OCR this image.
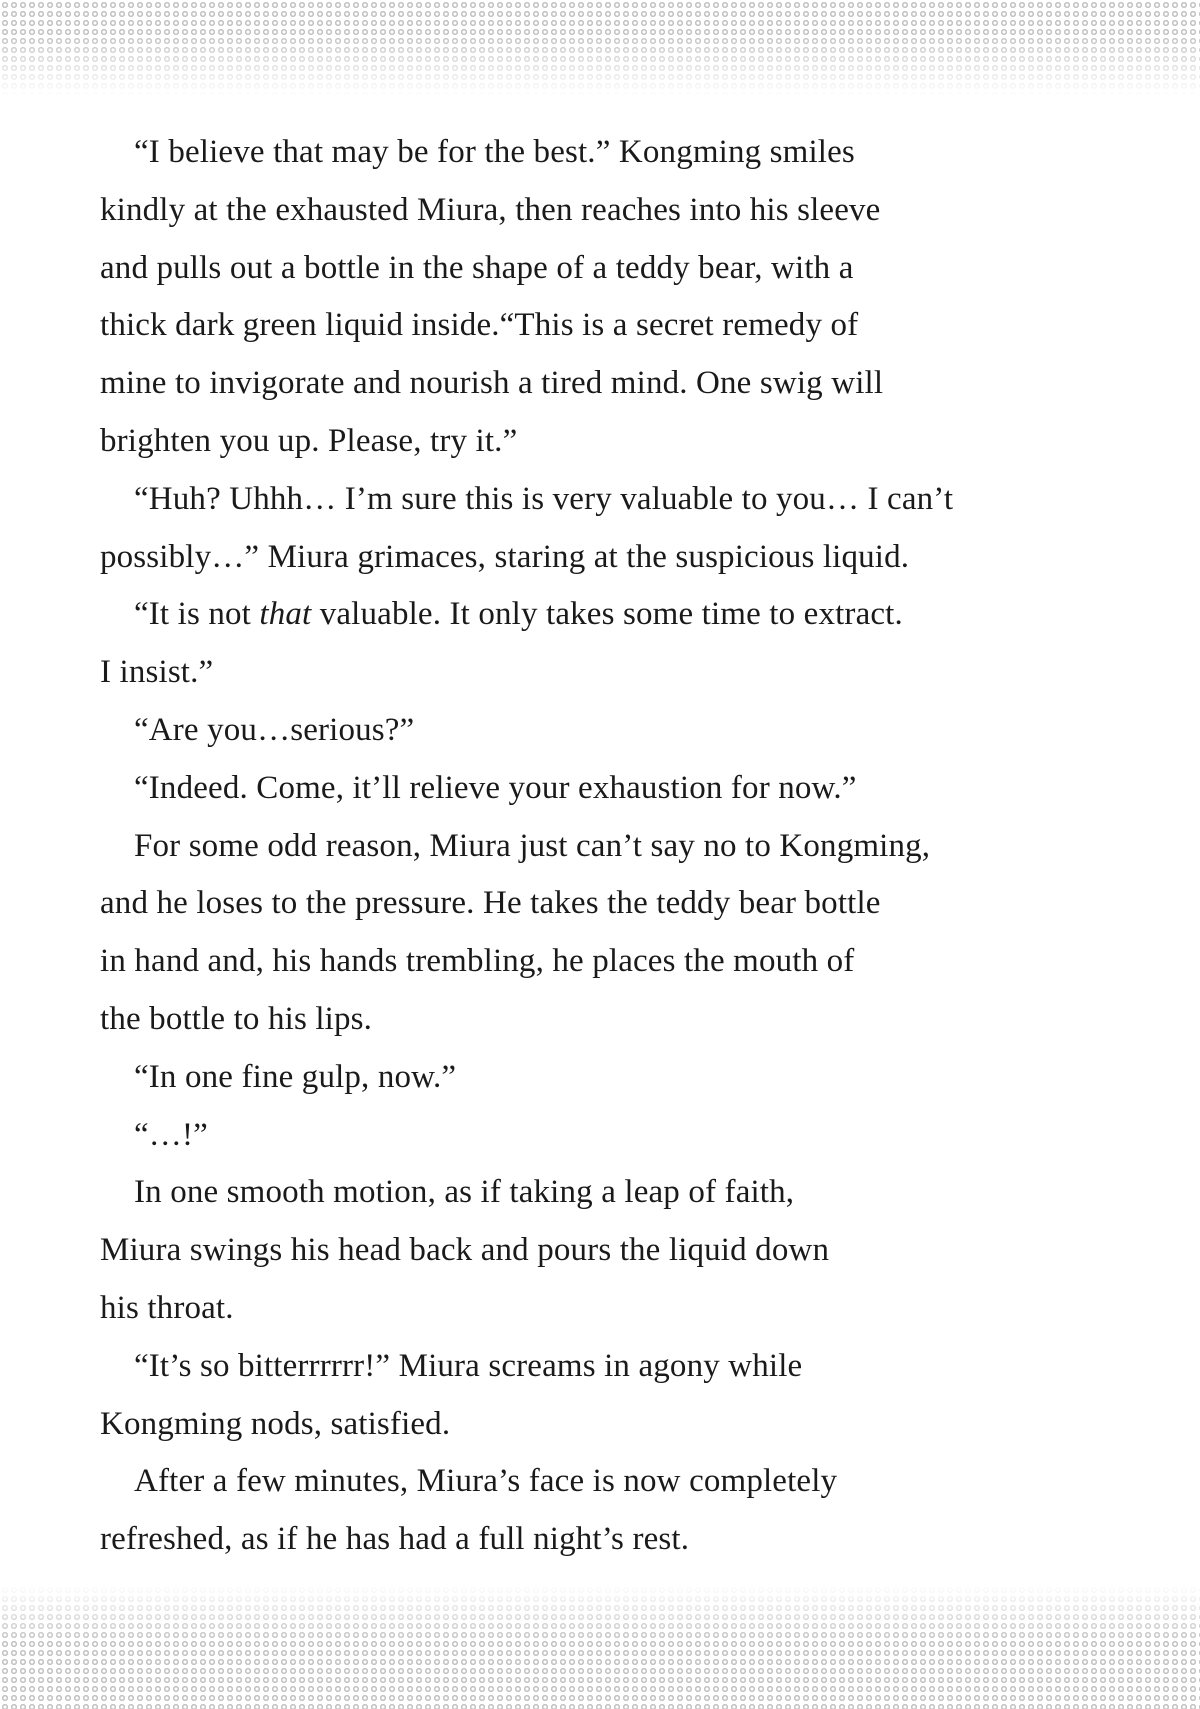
“I believe that may be for the best.” Kongming smiles
kindly at the exhausted Miura, then reaches into his sleeve
and pulls out a bottle in the shape of a teddy bear, with a
thick dark green liquid inside.“This is a secret remedy of
mine to invigorate and nourish a tired mind. One swig will
brighten you up. Please, try it.”

“Huh? Uhhh… I’m sure this is very valuable to you… I can’t
possibly…” Miura grimaces, staring at the suspicious liquid.

“It is not that valuable. It only takes some time to extract.
I insist.”

“Are you…serious?”

“Indeed. Come, it’ll relieve your exhaustion for now.”

For some odd reason, Miura just can’t say no to Kongming,
and he loses to the pressure. He takes the teddy bear bottle
in hand and, his hands trembling, he places the mouth of
the bottle to his lips.

“In one fine gulp, now.”

“…!”

In one smooth motion, as if taking a leap of faith,
Miura swings his head back and pours the liquid down
his throat.

“It’s so bitterrrrrr!” Miura screams in agony while
Kongming nods, satisfied.

After a few minutes, Miura’s face is now completely
refreshed, as if he has had a full night’s rest.
